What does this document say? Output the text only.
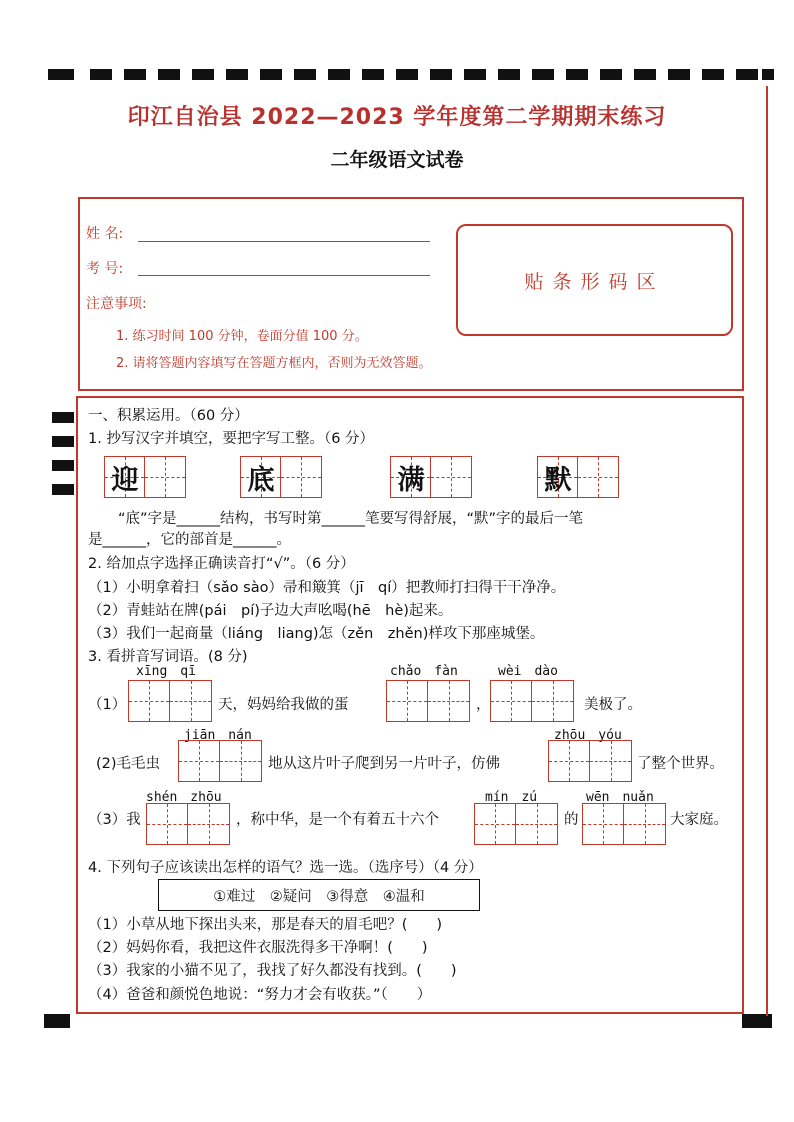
印江自治县 2022—2023 学年度第二学期期末练习
二年级语文试卷
姓 名:
考 号:
注意事项:
1. 练习时间 100 分钟，卷面分值 100 分。
2. 请将答题内容填写在答题方框内，否则为无效答题。
贴条形码区
一、积累运用。（60 分）
1. 抄写汉字并填空，要把字写工整。（6 分）
迎	底	满	默
“底”字是______结构，书写时第______笔要写得舒展，“默”字的最后一笔
是______，它的部首是______。
2. 给加点字选择正确读音打“√”。（6 分）
（1）小明拿着扫（sǎo sào）帚和簸箕（jī　qí）把教师打扫得干干净净。
（2）青蛙站在牌(pái　pí)子边大声吆喝(hē　hè)起来。
（3）我们一起商量（liáng　liang)怎（zěn　zhěn)样攻下那座城堡。
3. 看拼音写词语。(8 分)
xīng　qī	chǎo　fàn	wèi　dào
（1）	天，妈妈给我做的蛋	，	美极了。
jiān　nán	zhōu　yóu
(2)毛毛虫	地从这片叶子爬到另一片叶子，仿佛	了整个世界。
shén　zhōu	mín　zú	wēn　nuǎn
（3）我	，称中华，是一个有着五十六个	的	大家庭。
4. 下列句子应该读出怎样的语气？选一选。（选序号）（4 分）
①难过　②疑问　③得意　④温和
（1）小草从地下探出头来，那是春天的眉毛吧？(　　)
（2）妈妈你看，我把这件衣服洗得多干净啊！(　　)
（3）我家的小猫不见了，我找了好久都没有找到。(　　)
（4）爸爸和颜悦色地说：“努力才会有收获。”（　　）
